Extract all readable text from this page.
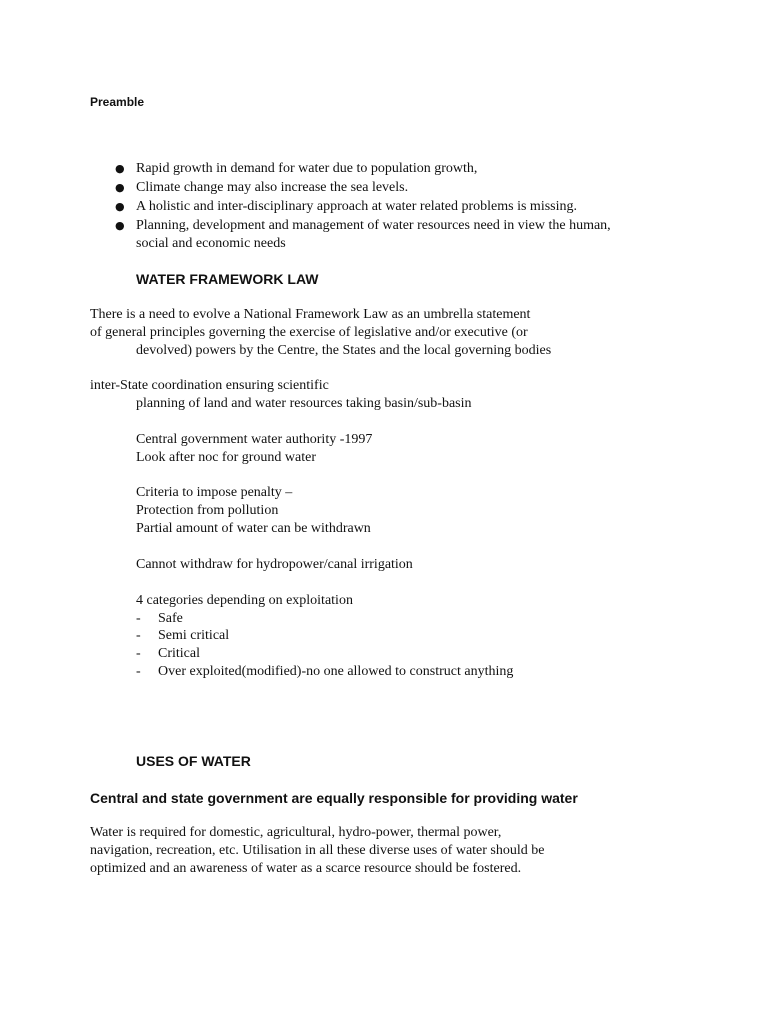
Preamble
● Rapid growth in demand for water due to population growth,
● Climate change may also increase the sea levels.
● A holistic and inter-disciplinary approach at water related problems is missing.
● Planning, development and management of water resources need in view the human,
social and economic needs
WATER FRAMEWORK LAW
There is a need to evolve a National Framework Law as an umbrella statement
of general principles governing the exercise of legislative and/or executive (or
devolved) powers by the Centre, the States and the local governing bodies
inter-State coordination ensuring scientific
planning of land and water resources taking basin/sub-basin
Central government water authority -1997
Look after noc for ground water
Criteria to impose penalty –
Protection from pollution
Partial amount of water can be withdrawn
Cannot withdraw for hydropower/canal irrigation
4 categories depending on exploitation
- Safe
- Semi critical
- Critical
- Over exploited(modified)-no one allowed to construct anything
USES OF WATER
Central and state government are equally responsible for providing water
Water is required for domestic, agricultural, hydro-power, thermal power,
navigation, recreation, etc. Utilisation in all these diverse uses of water should be
optimized and an awareness of water as a scarce resource should be fostered.
